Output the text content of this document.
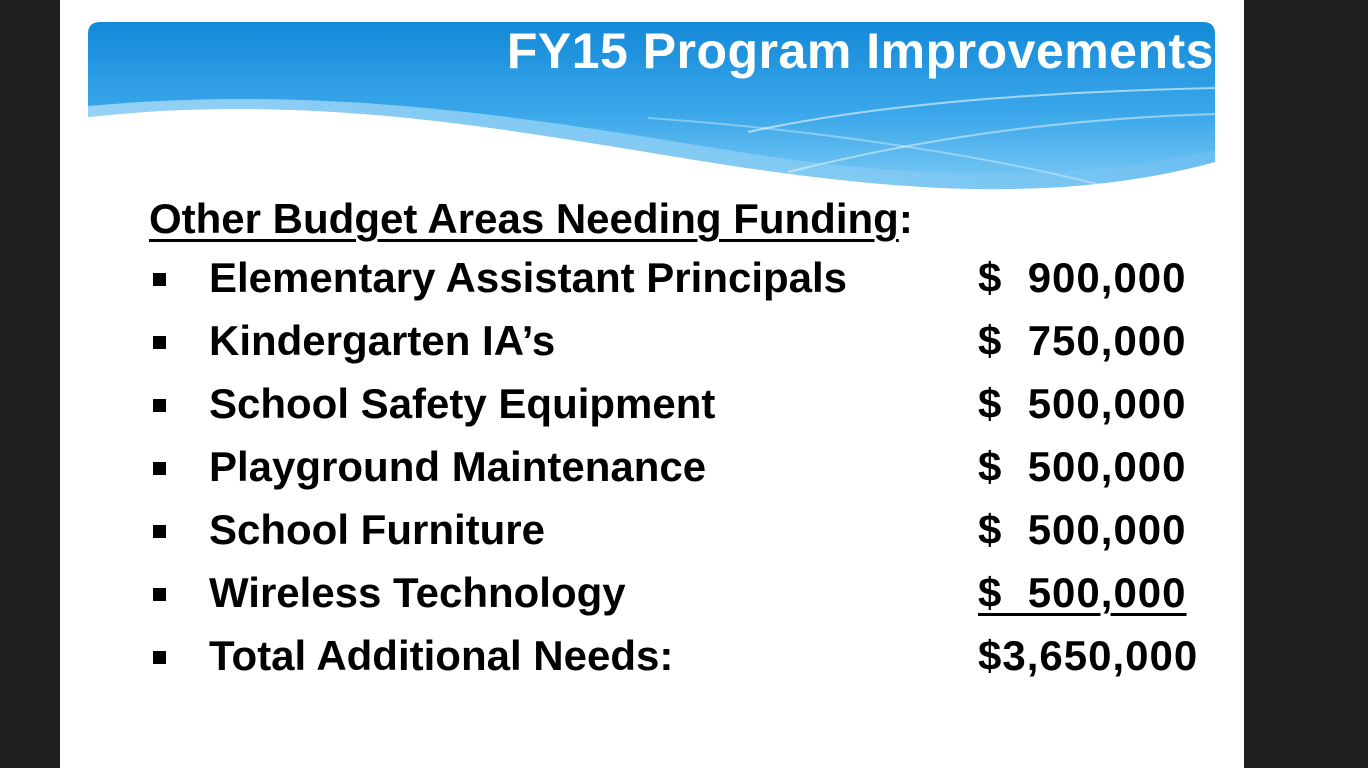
FY15 Program Improvements
Other Budget Areas Needing Funding:
Elementary Assistant Principals	$  900,000
Kindergarten IA’s	$  750,000
School Safety Equipment	$  500,000
Playground Maintenance	$  500,000
School Furniture	$  500,000
Wireless Technology	$  500,000
Total Additional Needs:	$3,650,000
